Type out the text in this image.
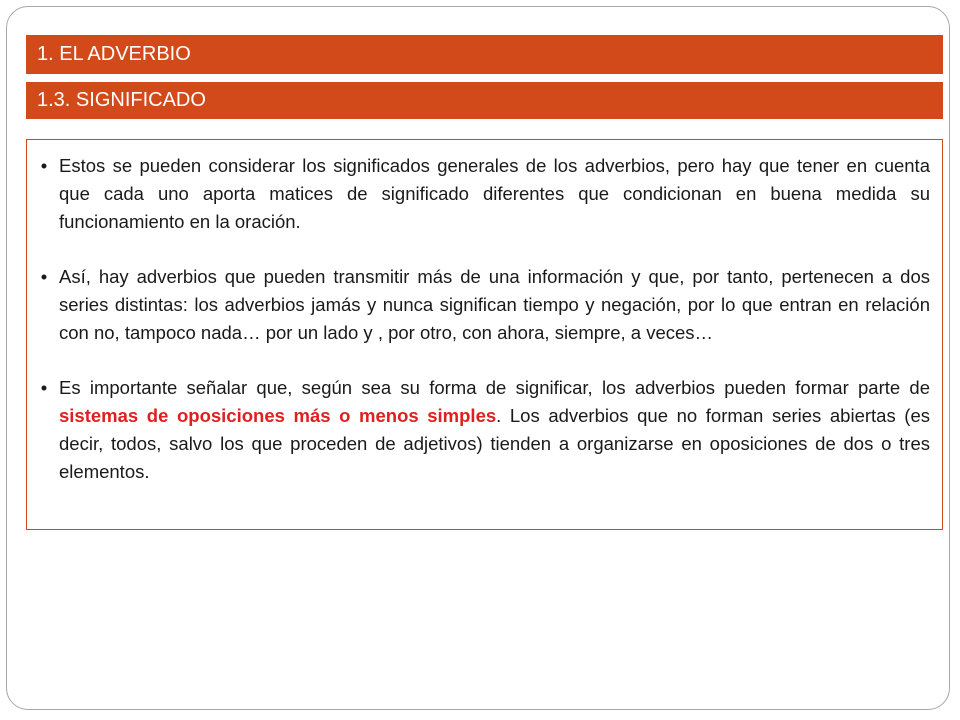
1. EL ADVERBIO
1.3. SIGNIFICADO
• Estos se pueden considerar los significados generales de los adverbios, pero hay que tener en cuenta que cada uno aporta matices de significado diferentes que condicionan en buena medida su funcionamiento en la oración.
• Así, hay adverbios que pueden transmitir más de una información y que, por tanto, pertenecen a dos series distintas: los adverbios jamás y nunca significan tiempo y negación, por lo que entran en relación con no, tampoco nada… por un lado y , por otro, con ahora, siempre, a veces…
• Es importante señalar que, según sea su forma de significar, los adverbios pueden formar parte de sistemas de oposiciones más o menos simples. Los adverbios que no forman series abiertas (es decir, todos, salvo los que proceden de adjetivos) tienden a organizarse en oposiciones de dos o tres elementos.
